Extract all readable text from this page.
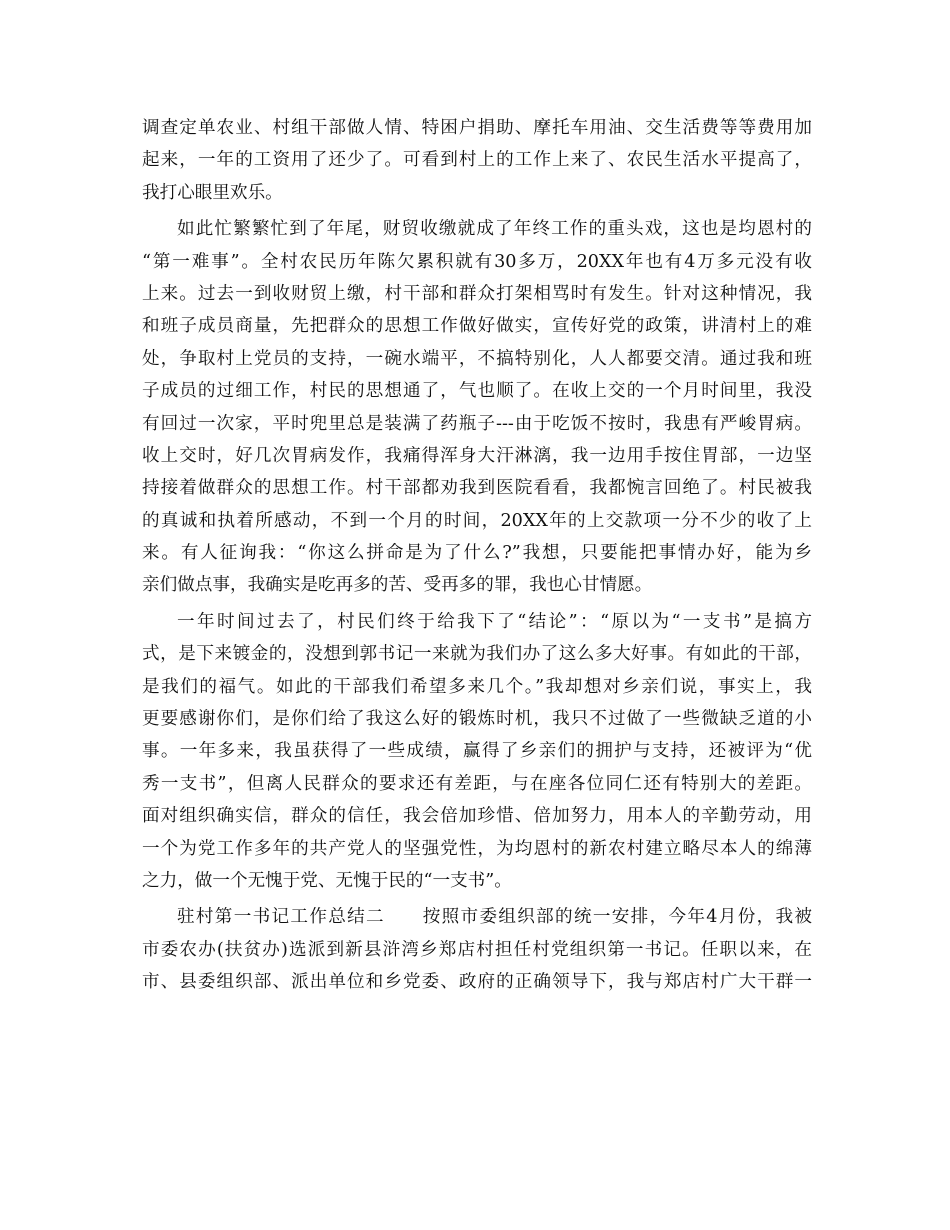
调查定单农业、村组干部做人情、特困户捐助、摩托车用油、交生活费等等费用加
起来，一年的工资用了还少了。可看到村上的工作上来了、农民生活水平提高了，
我打心眼里欢乐。
如此忙繁繁忙到了年尾，财贸收缴就成了年终工作的重头戏，这也是均恩村的
“第一难事”。全村农民历年陈欠累积就有30多万，20XX年也有4万多元没有收
上来。过去一到收财贸上缴，村干部和群众打架相骂时有发生。针对这种情况，我
和班子成员商量，先把群众的思想工作做好做实，宣传好党的政策，讲清村上的难
处，争取村上党员的支持，一碗水端平，不搞特别化，人人都要交清。通过我和班
子成员的过细工作，村民的思想通了，气也顺了。在收上交的一个月时间里，我没
有回过一次家，平时兜里总是装满了药瓶子---由于吃饭不按时，我患有严峻胃病。
收上交时，好几次胃病发作，我痛得浑身大汗淋漓，我一边用手按住胃部，一边坚
持接着做群众的思想工作。村干部都劝我到医院看看，我都惋言回绝了。村民被我
的真诚和执着所感动，不到一个月的时间，20XX年的上交款项一分不少的收了上
来。有人征询我：“你这么拼命是为了什么?”我想，只要能把事情办好，能为乡
亲们做点事，我确实是吃再多的苦、受再多的罪，我也心甘情愿。
一年时间过去了，村民们终于给我下了“结论”：“原以为“一支书”是搞方
式，是下来镀金的，没想到郭书记一来就为我们办了这么多大好事。有如此的干部，
是我们的福气。如此的干部我们希望多来几个。”我却想对乡亲们说，事实上，我
更要感谢你们，是你们给了我这么好的锻炼时机，我只不过做了一些微缺乏道的小
事。一年多来，我虽获得了一些成绩，赢得了乡亲们的拥护与支持，还被评为“优
秀一支书”，但离人民群众的要求还有差距，与在座各位同仁还有特别大的差距。
面对组织确实信，群众的信任，我会倍加珍惜、倍加努力，用本人的辛勤劳动，用
一个为党工作多年的共产党人的坚强党性，为均恩村的新农村建立略尽本人的绵薄
之力，做一个无愧于党、无愧于民的“一支书”。
驻村第一书记工作总结二　　按照市委组织部的统一安排，今年4月份，我被
市委农办(扶贫办)选派到新县浒湾乡郑店村担任村党组织第一书记。任职以来，在
市、县委组织部、派出单位和乡党委、政府的正确领导下，我与郑店村广大干群一
